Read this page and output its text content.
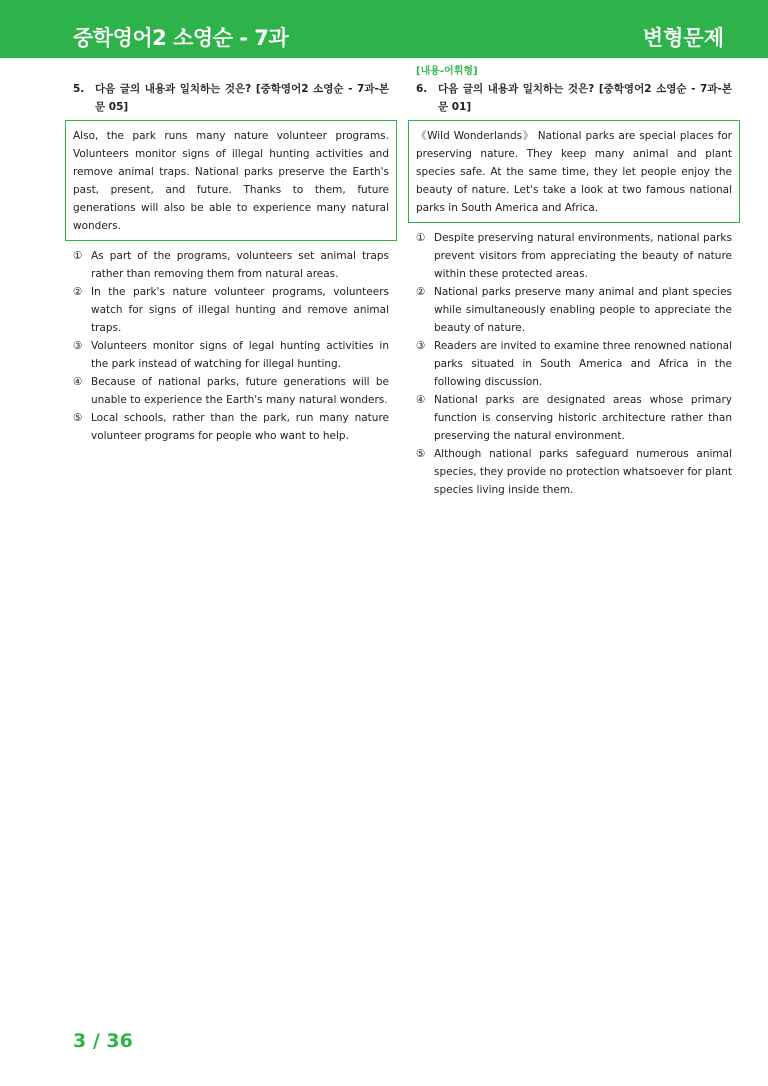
중학영어2 소영순 - 7과	변형문제
5. 다음 글의 내용과 일치하는 것은? [중학영어2 소영순 - 7과-본문 05]
Also, the park runs many nature volunteer programs. Volunteers monitor signs of illegal hunting activities and remove animal traps. National parks preserve the Earth's past, present, and future. Thanks to them, future generations will also be able to experience many natural wonders.
① As part of the programs, volunteers set animal traps rather than removing them from natural areas.
② In the park's nature volunteer programs, volunteers watch for signs of illegal hunting and remove animal traps.
③ Volunteers monitor signs of legal hunting activities in the park instead of watching for illegal hunting.
④ Because of national parks, future generations will be unable to experience the Earth's many natural wonders.
⑤ Local schools, rather than the park, run many nature volunteer programs for people who want to help.
[내용-어휘형]
6. 다음 글의 내용과 일치하는 것은? [중학영어2 소영순 - 7과-본문 01]
《Wild Wonderlands》 National parks are special places for preserving nature. They keep many animal and plant species safe. At the same time, they let people enjoy the beauty of nature. Let's take a look at two famous national parks in South America and Africa.
① Despite preserving natural environments, national parks prevent visitors from appreciating the beauty of nature within these protected areas.
② National parks preserve many animal and plant species while simultaneously enabling people to appreciate the beauty of nature.
③ Readers are invited to examine three renowned national parks situated in South America and Africa in the following discussion.
④ National parks are designated areas whose primary function is conserving historic architecture rather than preserving the natural environment.
⑤ Although national parks safeguard numerous animal species, they provide no protection whatsoever for plant species living inside them.
3 / 36
